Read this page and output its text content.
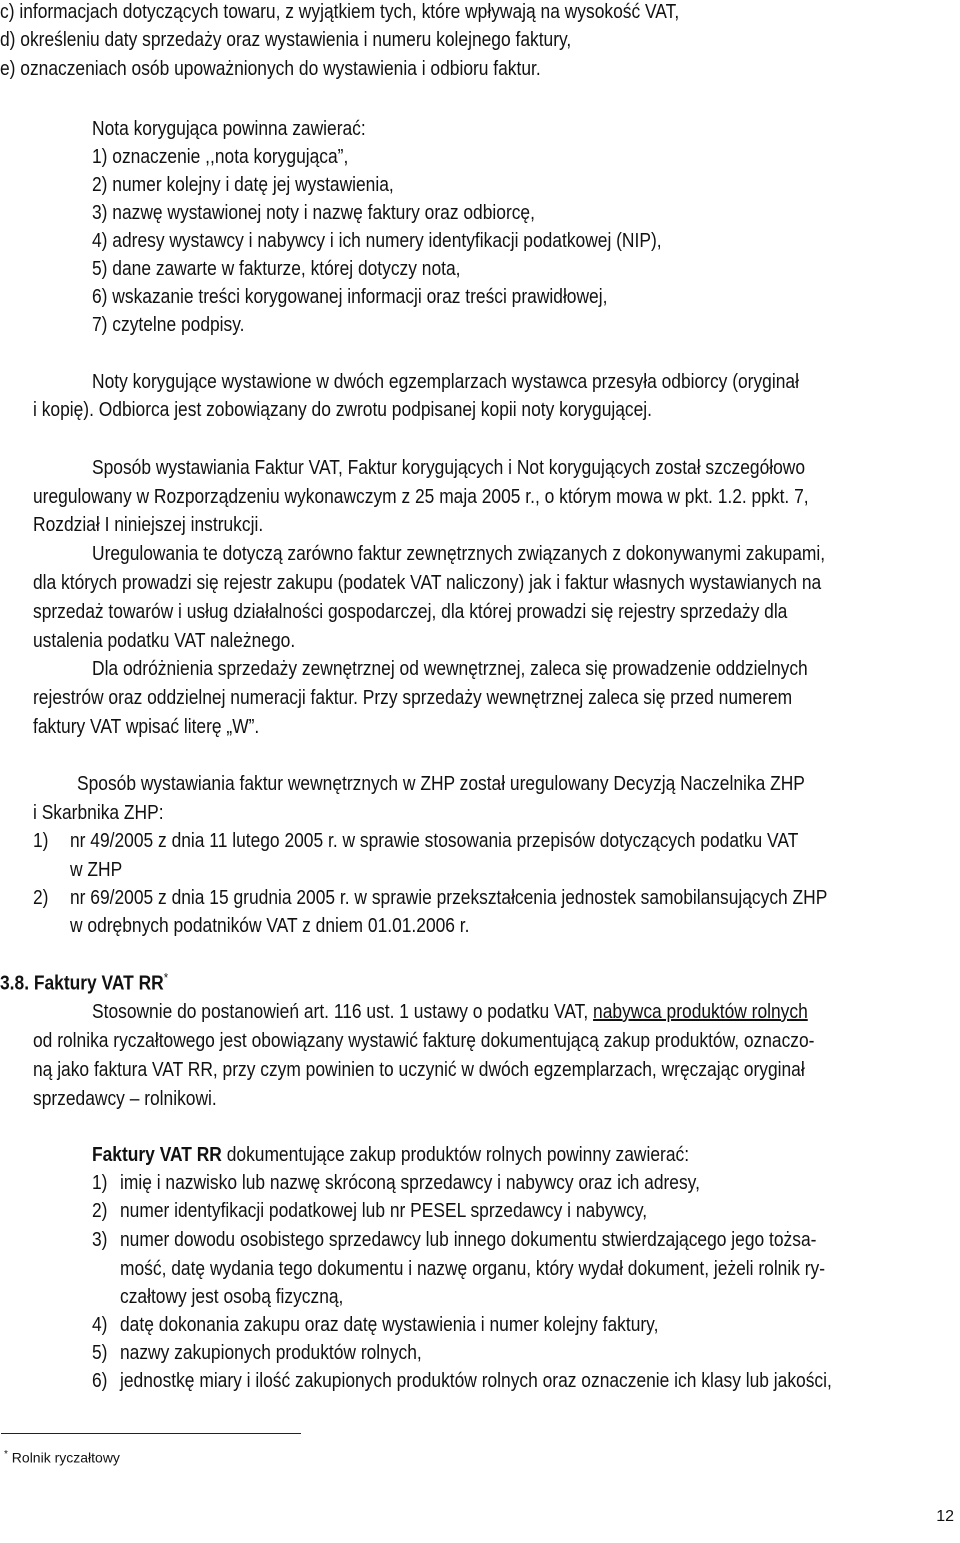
c) informacjach dotyczących towaru, z wyjątkiem tych, które wpływają na wysokość VAT,

d) określeniu daty sprzedaży oraz wystawienia i numeru kolejnego faktury,

e) oznaczeniach osób upoważnionych do wystawienia i odbioru faktur.

Nota korygująca powinna zawierać:

1) oznaczenie ,,nota korygująca”,

2) numer kolejny i datę jej wystawienia,

3) nazwę wystawionej noty i nazwę faktury oraz odbiorcę,

4) adresy wystawcy i nabywcy i ich numery identyfikacji podatkowej (NIP),

5) dane zawarte w fakturze, której dotyczy nota,

6) wskazanie treści korygowanej informacji oraz treści prawidłowej,

7) czytelne podpisy.

Noty korygujące wystawione w dwóch egzemplarzach wystawca przesyła odbiorcy (oryginał

i kopię). Odbiorca jest zobowiązany do zwrotu podpisanej kopii noty korygującej.

Sposób wystawiania Faktur VAT, Faktur korygujących i Not korygujących został szczegółowo

uregulowany w Rozporządzeniu wykonawczym z 25 maja 2005 r., o którym mowa w pkt. 1.2. ppkt. 7,

Rozdział I niniejszej instrukcji.

Uregulowania te dotyczą zarówno faktur zewnętrznych związanych z dokonywanymi zakupami,

dla których prowadzi się rejestr zakupu (podatek VAT naliczony) jak i faktur własnych wystawianych na

sprzedaż towarów i usług działalności gospodarczej, dla której prowadzi się rejestry sprzedaży dla

ustalenia podatku VAT należnego.

Dla odróżnienia sprzedaży zewnętrznej od wewnętrznej, zaleca się prowadzenie oddzielnych

rejestrów oraz oddzielnej numeracji faktur. Przy sprzedaży wewnętrznej zaleca się przed numerem

faktury VAT wpisać literę „W”.

Sposób wystawiania faktur wewnętrznych w ZHP został uregulowany Decyzją Naczelnika ZHP

i Skarbnika ZHP:

1) nr 49/2005 z dnia 11 lutego 2005 r. w sprawie stosowania przepisów dotyczących podatku VAT

w ZHP

2) nr 69/2005 z dnia 15 grudnia 2005 r. w sprawie przekształcenia jednostek samobilansujących ZHP

w odrębnych podatników VAT z dniem 01.01.2006 r.

3.8. Faktury VAT RR*

Stosownie do postanowień art. 116 ust. 1 ustawy o podatku VAT, nabywca produktów rolnych

od rolnika ryczałtowego jest obowiązany wystawić fakturę dokumentującą zakup produktów, oznaczo-

ną jako faktura VAT RR, przy czym powinien to uczynić w dwóch egzemplarzach, wręczając oryginał

sprzedawcy – rolnikowi.

Faktury VAT RR dokumentujące zakup produktów rolnych powinny zawierać:

1) imię i nazwisko lub nazwę skróconą sprzedawcy i nabywcy oraz ich adresy,

2) numer identyfikacji podatkowej lub nr PESEL sprzedawcy i nabywcy,

3) numer dowodu osobistego sprzedawcy lub innego dokumentu stwierdzającego jego tożsa-

mość, datę wydania tego dokumentu i nazwę organu, który wydał dokument, jeżeli rolnik ry-

czałtowy jest osobą fizyczną,

4) datę dokonania zakupu oraz datę wystawienia i numer kolejny faktury,

5) nazwy zakupionych produktów rolnych,

6) jednostkę miary i ilość zakupionych produktów rolnych oraz oznaczenie ich klasy lub jakości,

* Rolnik ryczałtowy
12
